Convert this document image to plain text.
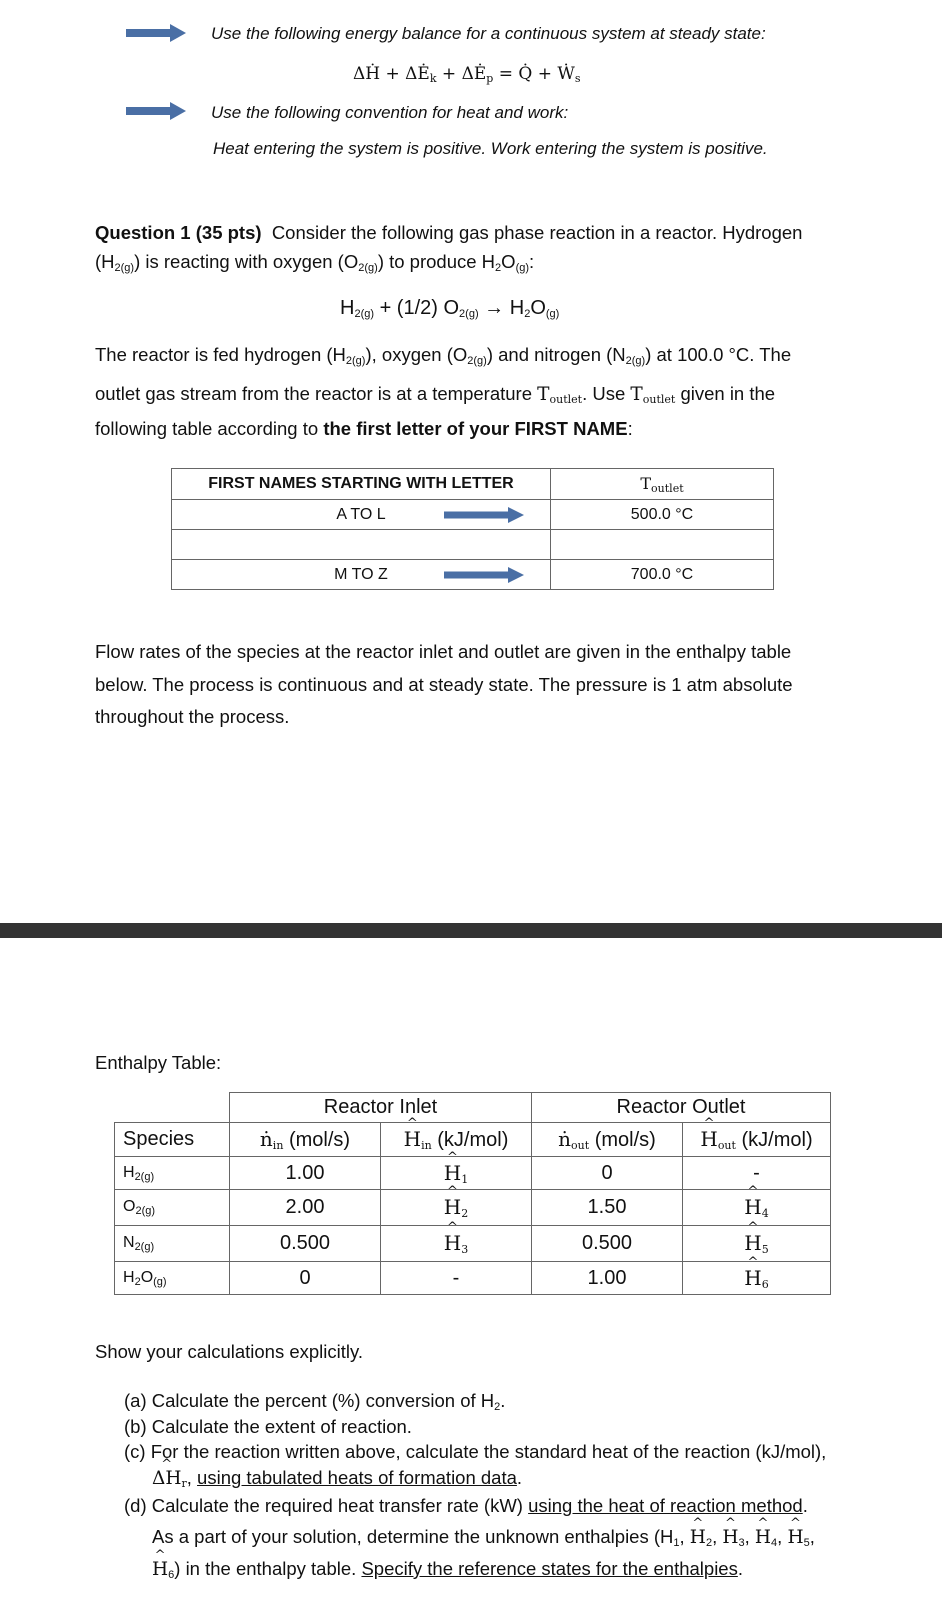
Use the following energy balance for a continuous system at steady state:
ΔḢ + $\Delta Ė_k$ + $\Delta Ė_p$ = Q̇ + Ẇ$_s$
Use the following convention for heat and work:
Heat entering the system is positive. Work entering the system is positive.
Question 1 (35 pts) Consider the following gas phase reaction in a reactor. Hydrogen
$(H_{2(g)})$ is reacting with oxygen $(O_{2(g)})$ to produce $H_2O_{(g)}$:
$H_{2(g)} + (1/2) O_{2(g)} \to H_2O_{(g)}$
The reactor is fed hydrogen $(H_{2(g)})$, oxygen $(O_{2(g)})$ and nitrogen $(N_{2(g)})$ at 100.0 °C. The
outlet gas stream from the reactor is at a temperature $T_{outlet}$. Use $T_{outlet}$ given in the
following table according to the first letter of your FIRST NAME:
FIRST NAMES STARTING WITH LETTER	$T_{outlet}$
A TO L	500.0 °C

M TO Z	700.0 °C
Flow rates of the species at the reactor inlet and outlet are given in the enthalpy table
below. The process is continuous and at steady state. The pressure is 1 atm absolute
throughout the process.
Enthalpy Table:
	Reactor Inlet		Reactor Outlet	
Species	ṅ$_{in}$ (mol/s)	^ $H_{in}$ (kJ/mol)	ṅ$_{out}$ (mol/s)	^ $H_{out}$ (kJ/mol)
$H_{2(g)}$	1.00	^ $H_1$	0	-
$O_{2(g)}$	2.00	^ $H_2$	1.50	^ $H_4$
$N_{2(g)}$	0.500	^ $H_3$	0.500	^ $H_5$
$H_2O_{(g)}$	0	-	1.00	^ $H_6$
Show your calculations explicitly.
(a) Calculate the percent (%) conversion of $H_2$.
(b) Calculate the extent of reaction.
(c) For the reaction written above, calculate the standard heat of the reaction (kJ/mol),
^ $\Delta H_r$, using tabulated heats of formation data.
(d) Calculate the required heat transfer rate (kW) using the heat of reaction method.
As a part of your solution, determine the unknown enthalpies ($H_1$, ^ $H_2$, ^ $H_3$, ^ $H_4$, ^ $H_5$,
^ $H_6$) in the enthalpy table. Specify the reference states for the enthalpies.
